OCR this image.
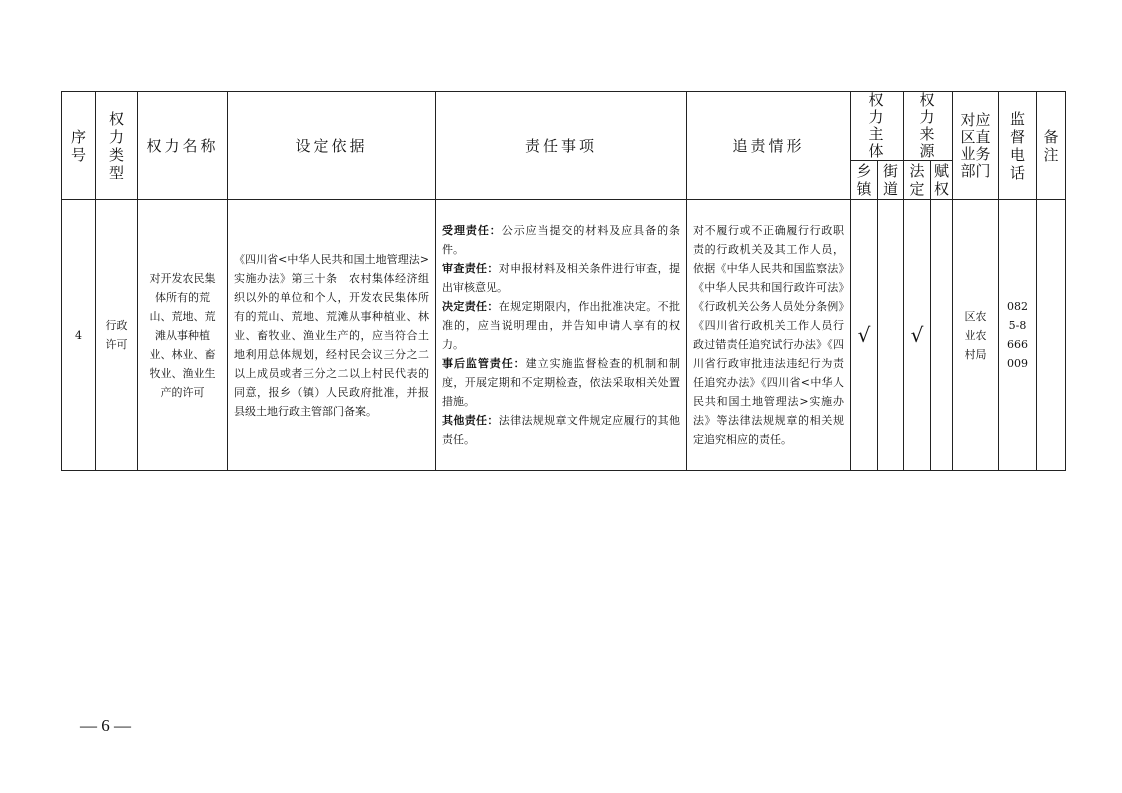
序号	权力类型	权力名称	设定依据	责任事项	追责情形	权力主体		权力来源		对应区直业务部门	监督电话	备注

						乡镇	街道	法定	赋权			

4	行政许可	对开发农民集体所有的荒山、荒地、荒滩从事种植业、林业、畜牧业、渔业生产的许可	《四川省<中华人民共和国土地管理法>实施办法》第三十条　农村集体经济组织以外的单位和个人，开发农民集体所有的荒山、荒地、荒滩从事种植业、林业、畜牧业、渔业生产的，应当符合土地利用总体规划，经村民会议三分之二以上成员或者三分之二以上村民代表的同意，报乡（镇）人民政府批准，并报县级土地行政主管部门备案。	受理责任：公示应当提交的材料及应具备的条件。
审查责任：对申报材料及相关条件进行审查，提出审核意见。
决定责任：在规定期限内，作出批准决定。不批准的，应当说明理由，并告知申请人享有的权力。
事后监管责任：建立实施监督检查的机制和制度，开展定期和不定期检查，依法采取相关处置措施。
其他责任：法律法规规章文件规定应履行的其他责任。	对不履行或不正确履行行政职责的行政机关及其工作人员，依据《中华人民共和国监察法》《中华人民共和国行政许可法》《行政机关公务人员处分条例》《四川省行政机关工作人员行政过错责任追究试行办法》《四川省行政审批违法违纪行为责任追究办法》《四川省<中华人民共和国土地管理法>实施办法》等法律法规规章的相关规定追究相应的责任。	√		√		区农业农村局	0825-8666009	

— 6 —
